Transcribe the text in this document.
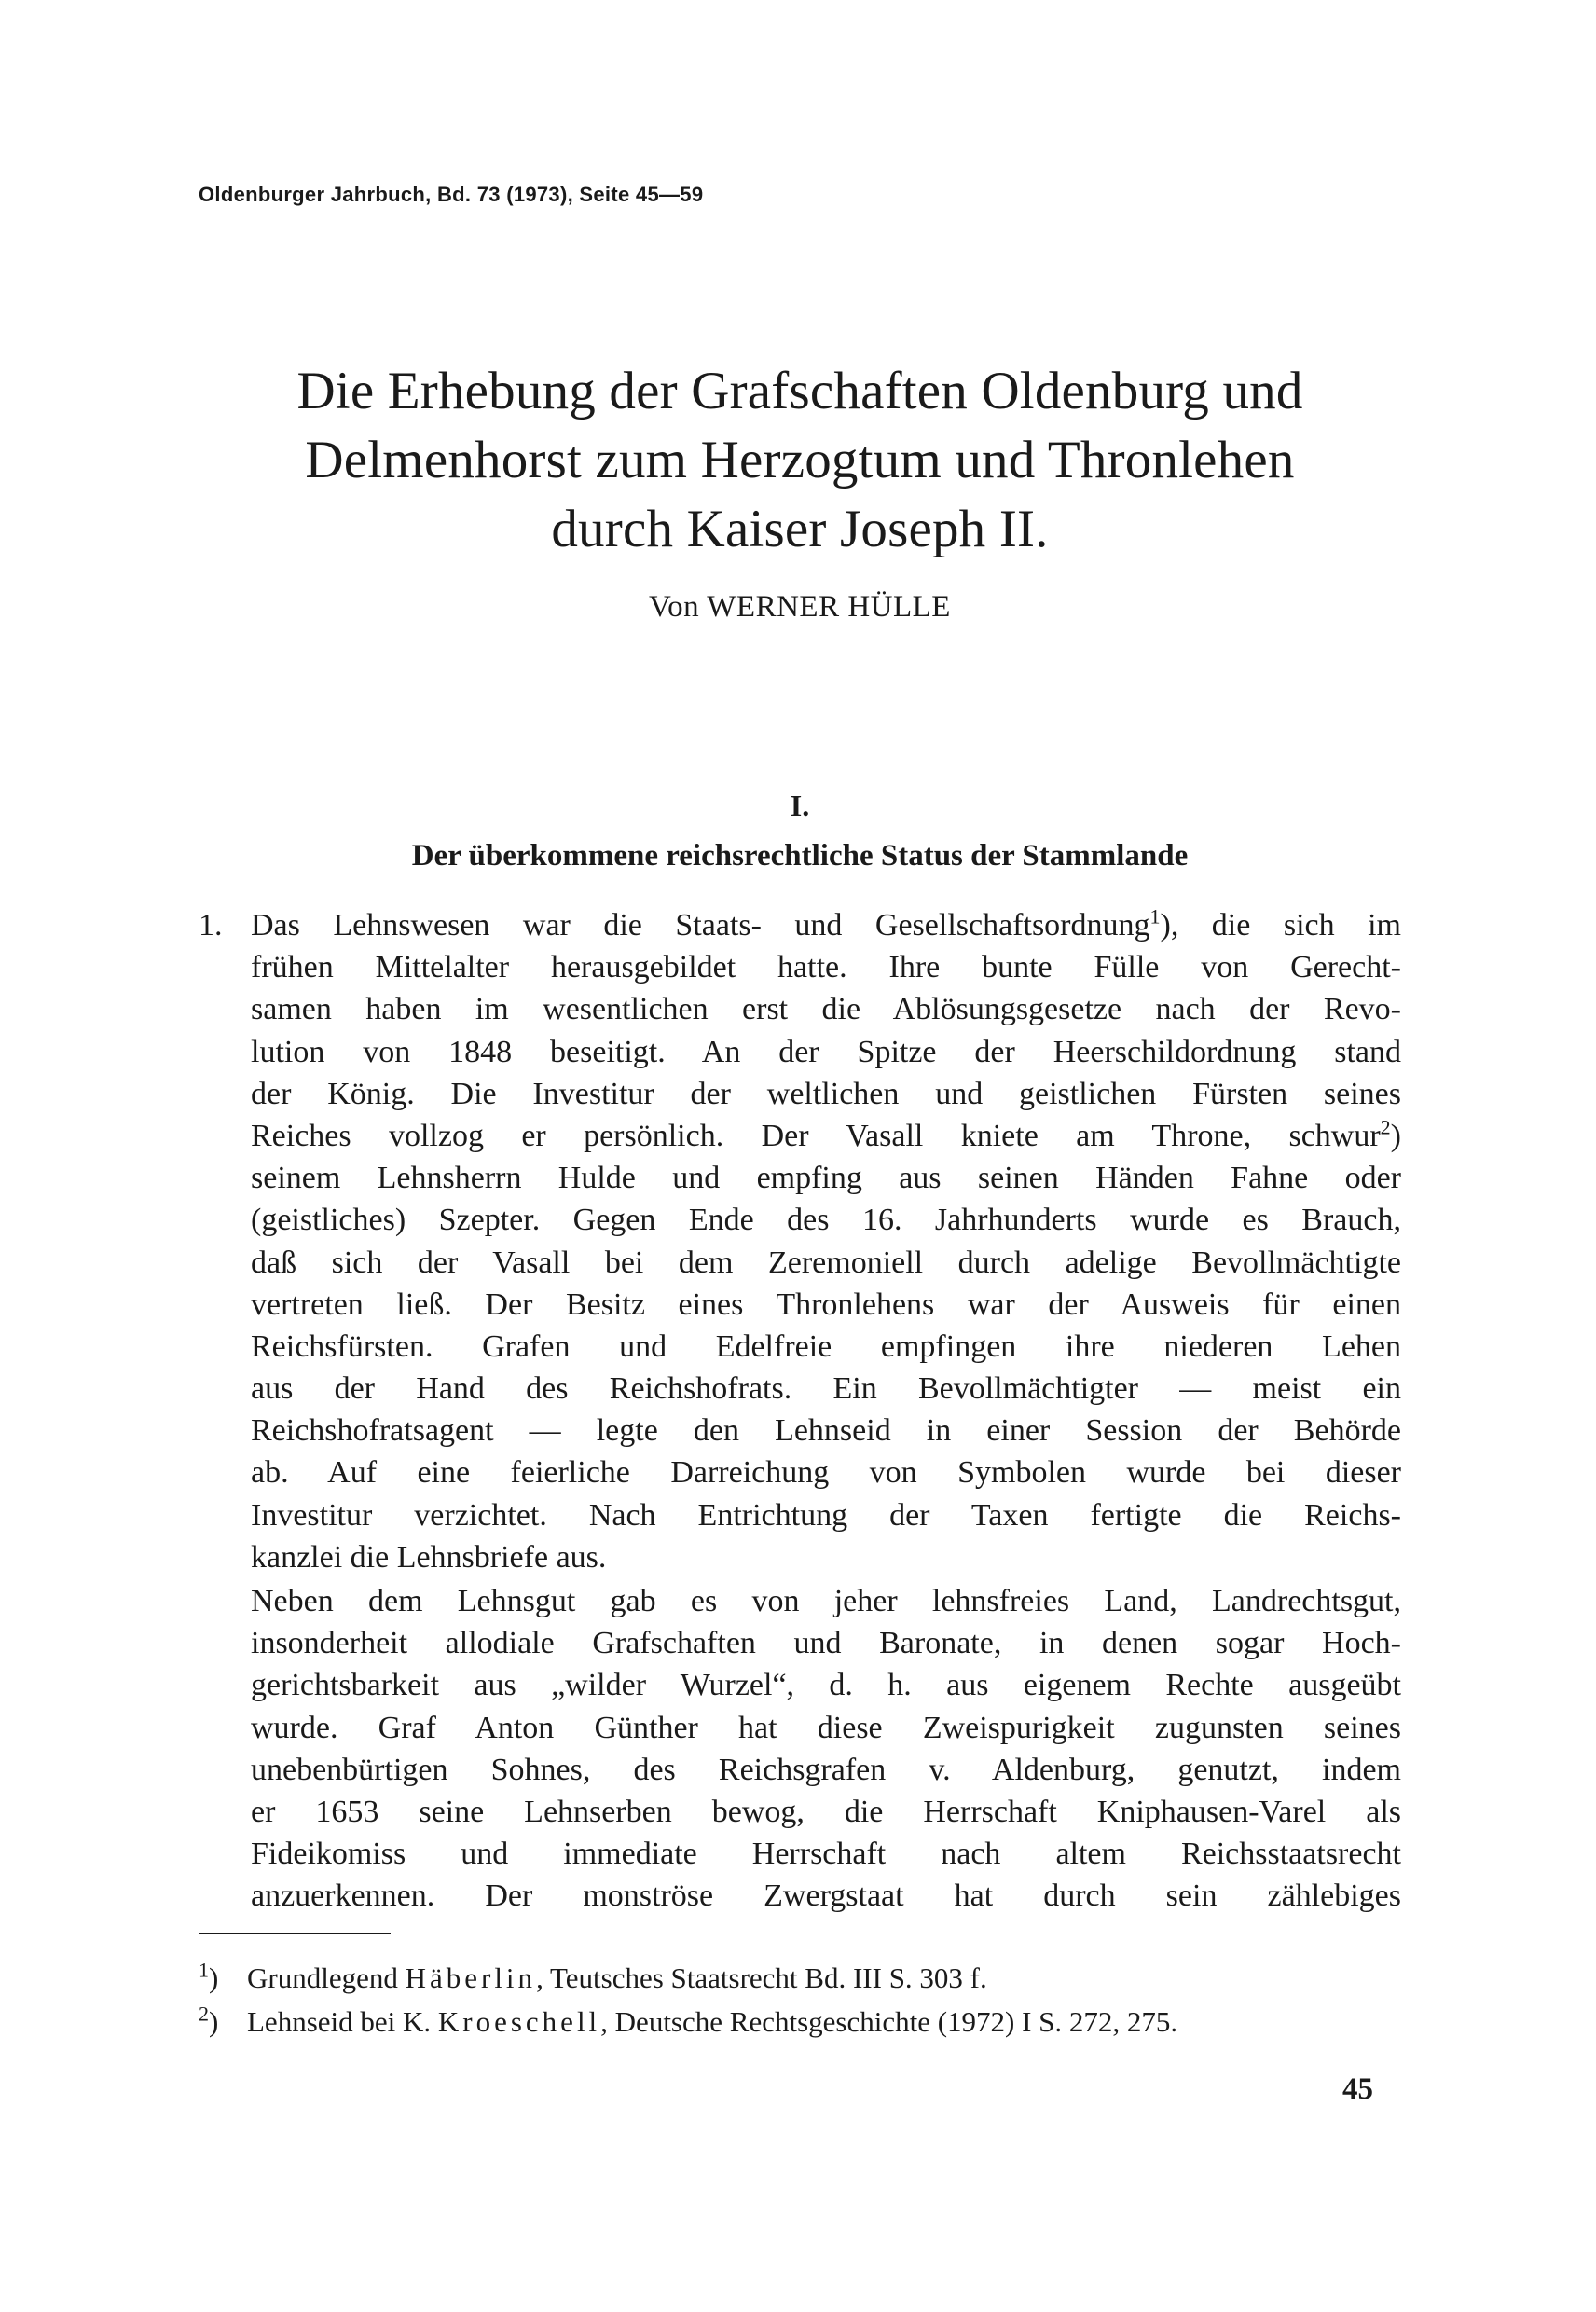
Oldenburger Jahrbuch, Bd. 73 (1973), Seite 45—59
Die Erhebung der Grafschaften Oldenburg und
Delmenhorst zum Herzogtum und Thronlehen
durch Kaiser Joseph II.
Von WERNER HÜLLE
I.
Der überkommene reichsrechtliche Status der Stammlande
1. Das Lehnswesen war die Staats- und Gesellschaftsordnung$^1$), die sich im
frühen Mittelalter herausgebildet hatte. Ihre bunte Fülle von Gerecht-
samen haben im wesentlichen erst die Ablösungsgesetze nach der Revo-
lution von 1848 beseitigt. An der Spitze der Heerschildordnung stand
der König. Die Investitur der weltlichen und geistlichen Fürsten seines
Reiches vollzog er persönlich. Der Vasall kniete am Throne, schwur$^2$)
seinem Lehnsherrn Hulde und empfing aus seinen Händen Fahne oder
(geistliches) Szepter. Gegen Ende des 16. Jahrhunderts wurde es Brauch,
daß sich der Vasall bei dem Zeremoniell durch adelige Bevollmächtigte
vertreten ließ. Der Besitz eines Thronlehens war der Ausweis für einen
Reichsfürsten. Grafen und Edelfreie empfingen ihre niederen Lehen
aus der Hand des Reichshofrats. Ein Bevollmächtigter — meist ein
Reichshofratsagent — legte den Lehnseid in einer Session der Behörde
ab. Auf eine feierliche Darreichung von Symbolen wurde bei dieser
Investitur verzichtet. Nach Entrichtung der Taxen fertigte die Reichs-
kanzlei die Lehnsbriefe aus.
Neben dem Lehnsgut gab es von jeher lehnsfreies Land, Landrechtsgut,
insonderheit allodiale Grafschaften und Baronate, in denen sogar Hoch-
gerichtsbarkeit aus „wilder Wurzel“, d. h. aus eigenem Rechte ausgeübt
wurde. Graf Anton Günther hat diese Zweispurigkeit zugunsten seines
unebenbürtigen Sohnes, des Reichsgrafen v. Aldenburg, genutzt, indem
er 1653 seine Lehnserben bewog, die Herrschaft Kniphausen-Varel als
Fideikomiss und immediate Herrschaft nach altem Reichsstaatsrecht
anzuerkennen. Der monströse Zwergstaat hat durch sein zählebiges
$^1$) Grundlegend Häberlin, Teutsches Staatsrecht Bd. III S. 303 f.
$^2$) Lehnseid bei K. Kroeschell, Deutsche Rechtsgeschichte (1972) I S. 272, 275.
45
